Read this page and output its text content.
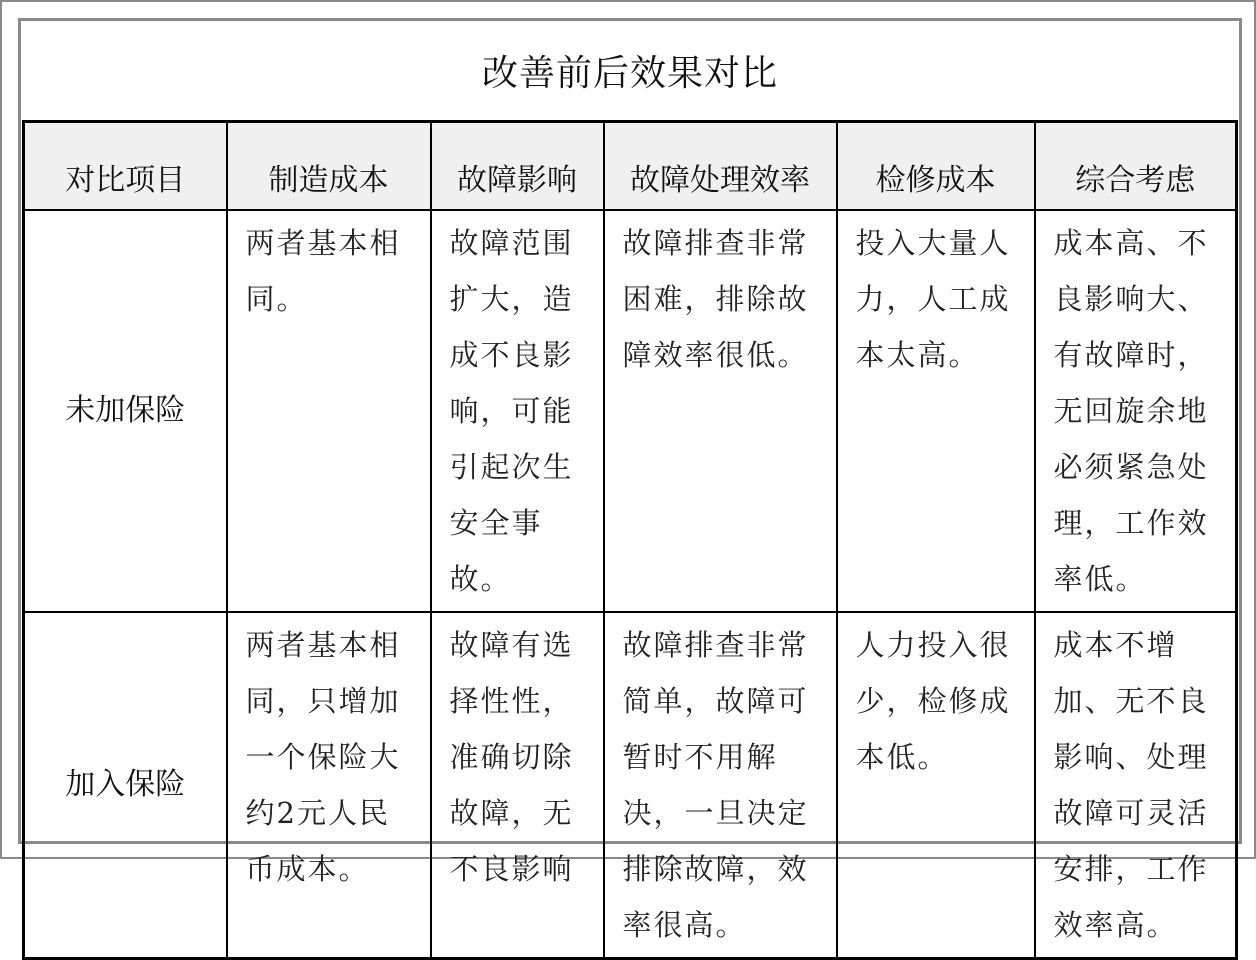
改善前后效果对比
对比项目	制造成本	故障影响	故障处理效率	检修成本	综合考虑
未加保险	两者基本相同。	故障范围扩大，造成不良影响，可能引起次生安全事故。	故障排查非常困难，排除故障效率很低。	投入大量人力，人工成本太高。	成本高、不良影响大、有故障时，无回旋余地必须紧急处理，工作效率低。
加入保险	两者基本相同，只增加一个保险大约2元人民币成本。	故障有选择性性，准确切除故障，无不良影响	故障排查非常简单，故障可暂时不用解决，一旦决定排除故障，效率很高。	人力投入很少，检修成本低。	成本不增加、无不良影响、处理故障可灵活安排，工作效率高。
